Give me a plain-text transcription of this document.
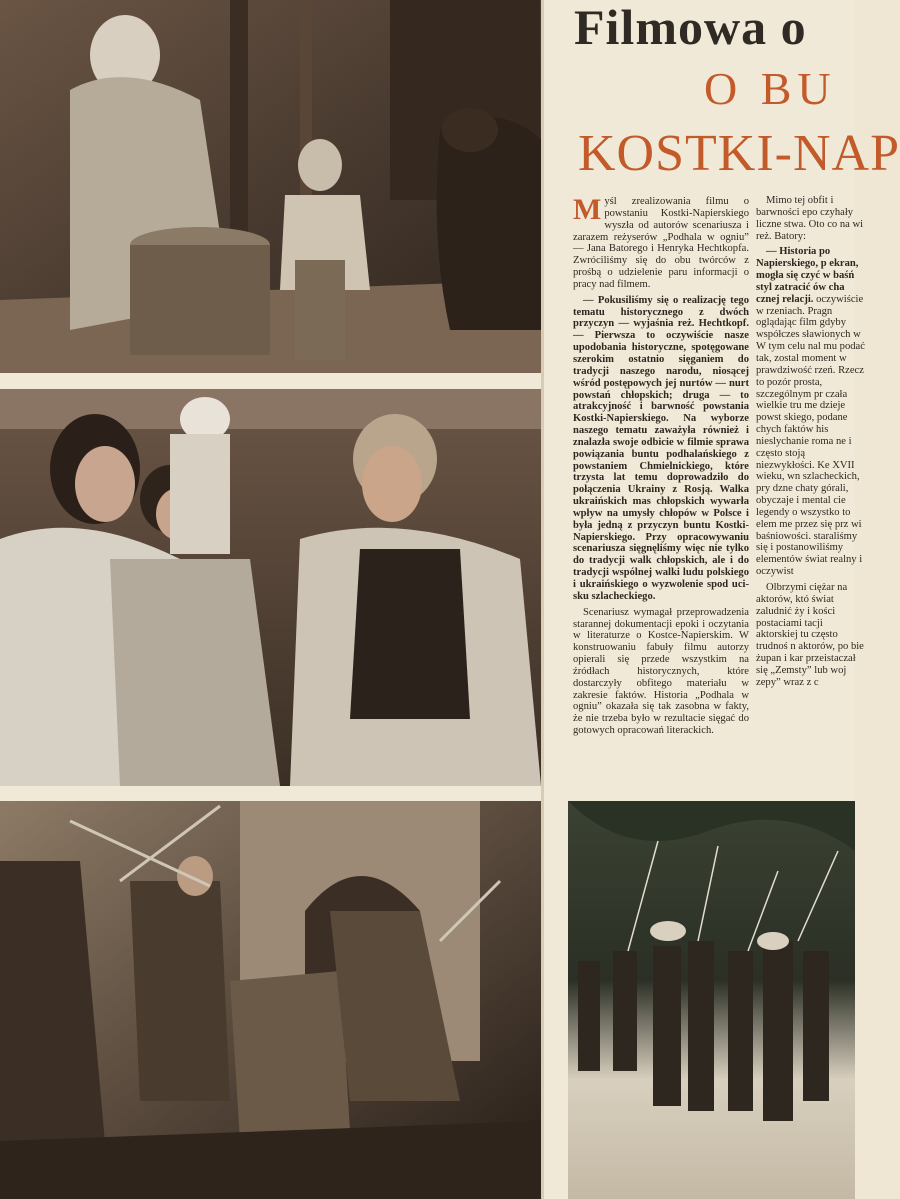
Filmowa o
O BU
KOSTKI-NAP

Myśl zrealizowania filmu o powstaniu Kostki-Napierskiego wyszła od autorów scenariusza i zarazem reżyserów „Podhala w ogniu” — Jana Batorego i Henryka Hechtkopfa. Zwróciliśmy się do obu twórców z prośbą o udzielenie paru informacji o pracy nad filmem.

— Pokusiliśmy się o realizację tego tematu historycznego z dwóch przyczyn — wyjaśnia reż. Hechtkopf. — Pierwsza to oczywiście nasze upodobania historyczne, spotęgowane szerokim ostatnio sięganiem do tradycji naszego narodu, niosącej wśród postępowych jej nurtów — nurt powstań chłopskich; druga — to atrakcyjność i barwność powstania Kostki-Napierskiego. Na wyborze naszego tematu zaważyła również i znalazła swoje odbicie w filmie sprawa powiązania buntu podhalańskiego z powstaniem Chmielnickiego, które trzysta lat temu doprowadziło do połączenia Ukrainy z Rosją. Walka ukraińskich mas chłopskich wywarła wpływ na umysły chłopów w Polsce i była jedną z przyczyn buntu Kostki-Napierskiego. Przy opracowywaniu scenariusza sięgnęliśmy więc nie tylko do tradycji walk chłopskich, ale i do tradycji wspólnej walki ludu polskiego i ukraińskiego o wyzwolenie spod ucisku szlacheckiego.

Scenariusz wymagał przeprowadzenia starannej dokumentacji epoki i oczytania w literaturze o Kostce-Napierskim. W konstruowaniu fabuły filmu autorzy opierali się przede wszystkim na źródłach historycznych, które dostarczyły obfitego materiału w zakresie faktów. Historia „Podhala w ogniu” okazała się tak zasobna w fakty, że nie trzeba było w rezultacie sięgać do gotowych opracowań literackich.

Mimo tej obfit i barwności epo czyhały liczne stwa. Oto co na wi reż. Batory:

— Historia po Napierskiego, p ekran, mogła się czyć w baśń styl zatracić ów cha cznej relacji. oczywiście w rzeniach. Pragn oglądając film gdyby współczes sławionych w W tym celu nal mu podać tak, zostal moment w prawdziwość rzeń. Rzecz to pozór prosta, szczególnym pr czała wielkie tru me dzieje powst skiego, podane chych faktów his nieslychanie roma ne i często stoją niezwykłości. Ke XVII wieku, wn szlacheckich, pry dzne chaty górali, obyczaje i mental cie legendy o wszystko to elem me przez się prz wi baśniowości. staraliśmy się i postanowiliśmy elementów świat realny i oczywist

Olbrzymi ciężar na aktorów, któ świat zaludnić ży i kości postaciami tacji aktorskiej tu często trudnoś n aktorów, po bie żupan i kar przeistaczał się „Zemsty” lub woj zepy” wraz z c
